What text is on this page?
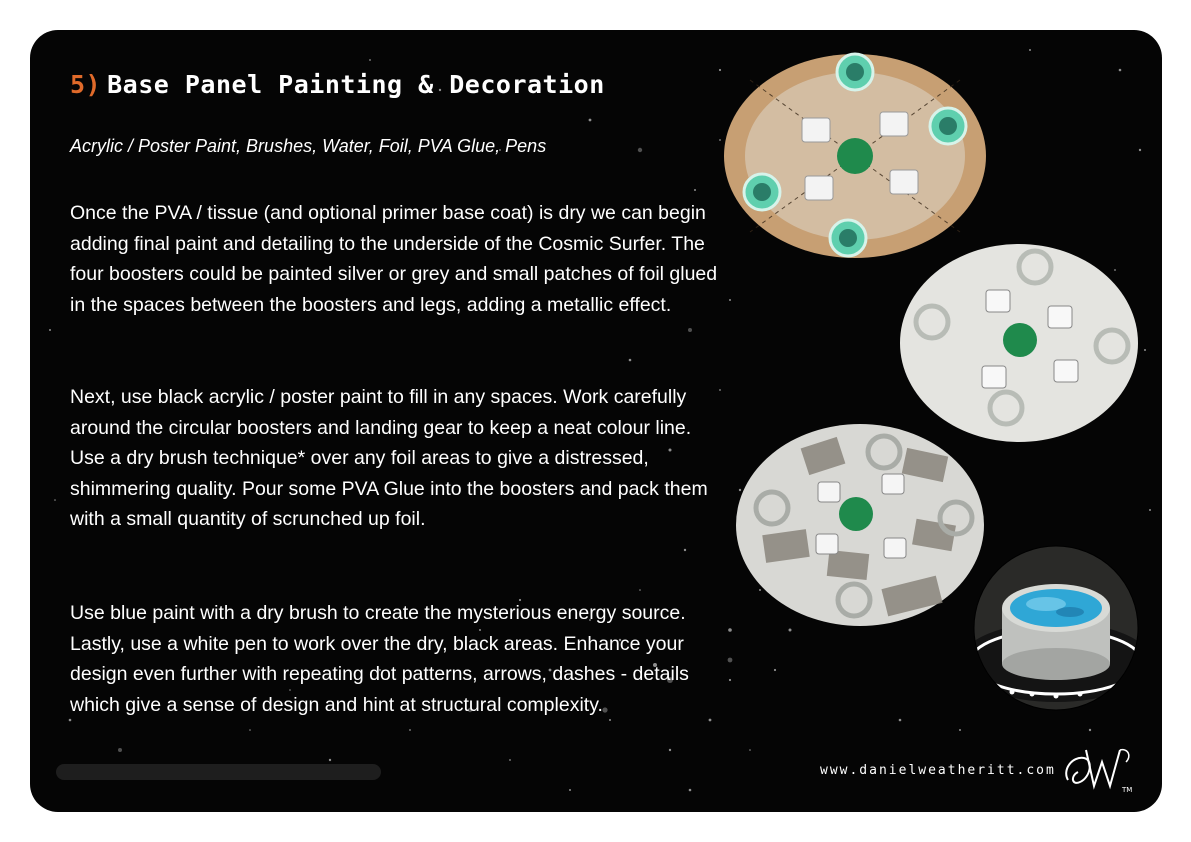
5) Base Panel Painting & Decoration

Acrylic / Poster Paint, Brushes, Water, Foil, PVA Glue, Pens

Once the PVA / tissue (and optional primer base coat) is dry we can begin adding final paint and detailing to the underside of the Cosmic Surfer. The four boosters could be painted silver or grey and small patches of foil glued in the spaces between the boosters and legs, adding a metallic effect.

Next, use black acrylic / poster paint to fill in any spaces. Work carefully around the circular boosters and landing gear to keep a neat colour line. Use a dry brush technique* over any foil areas to give a distressed, shimmering quality. Pour some PVA Glue into the boosters and pack them with a small quantity of scrunched up foil.

Use blue paint with a dry brush to create the mysterious energy source. Lastly, use a white pen to work over the dry, black areas. Enhance your design even further with repeating dot patterns, arrows, dashes - details which give a sense of design and hint at structural complexity.

www.danielweatheritt.com

TM
